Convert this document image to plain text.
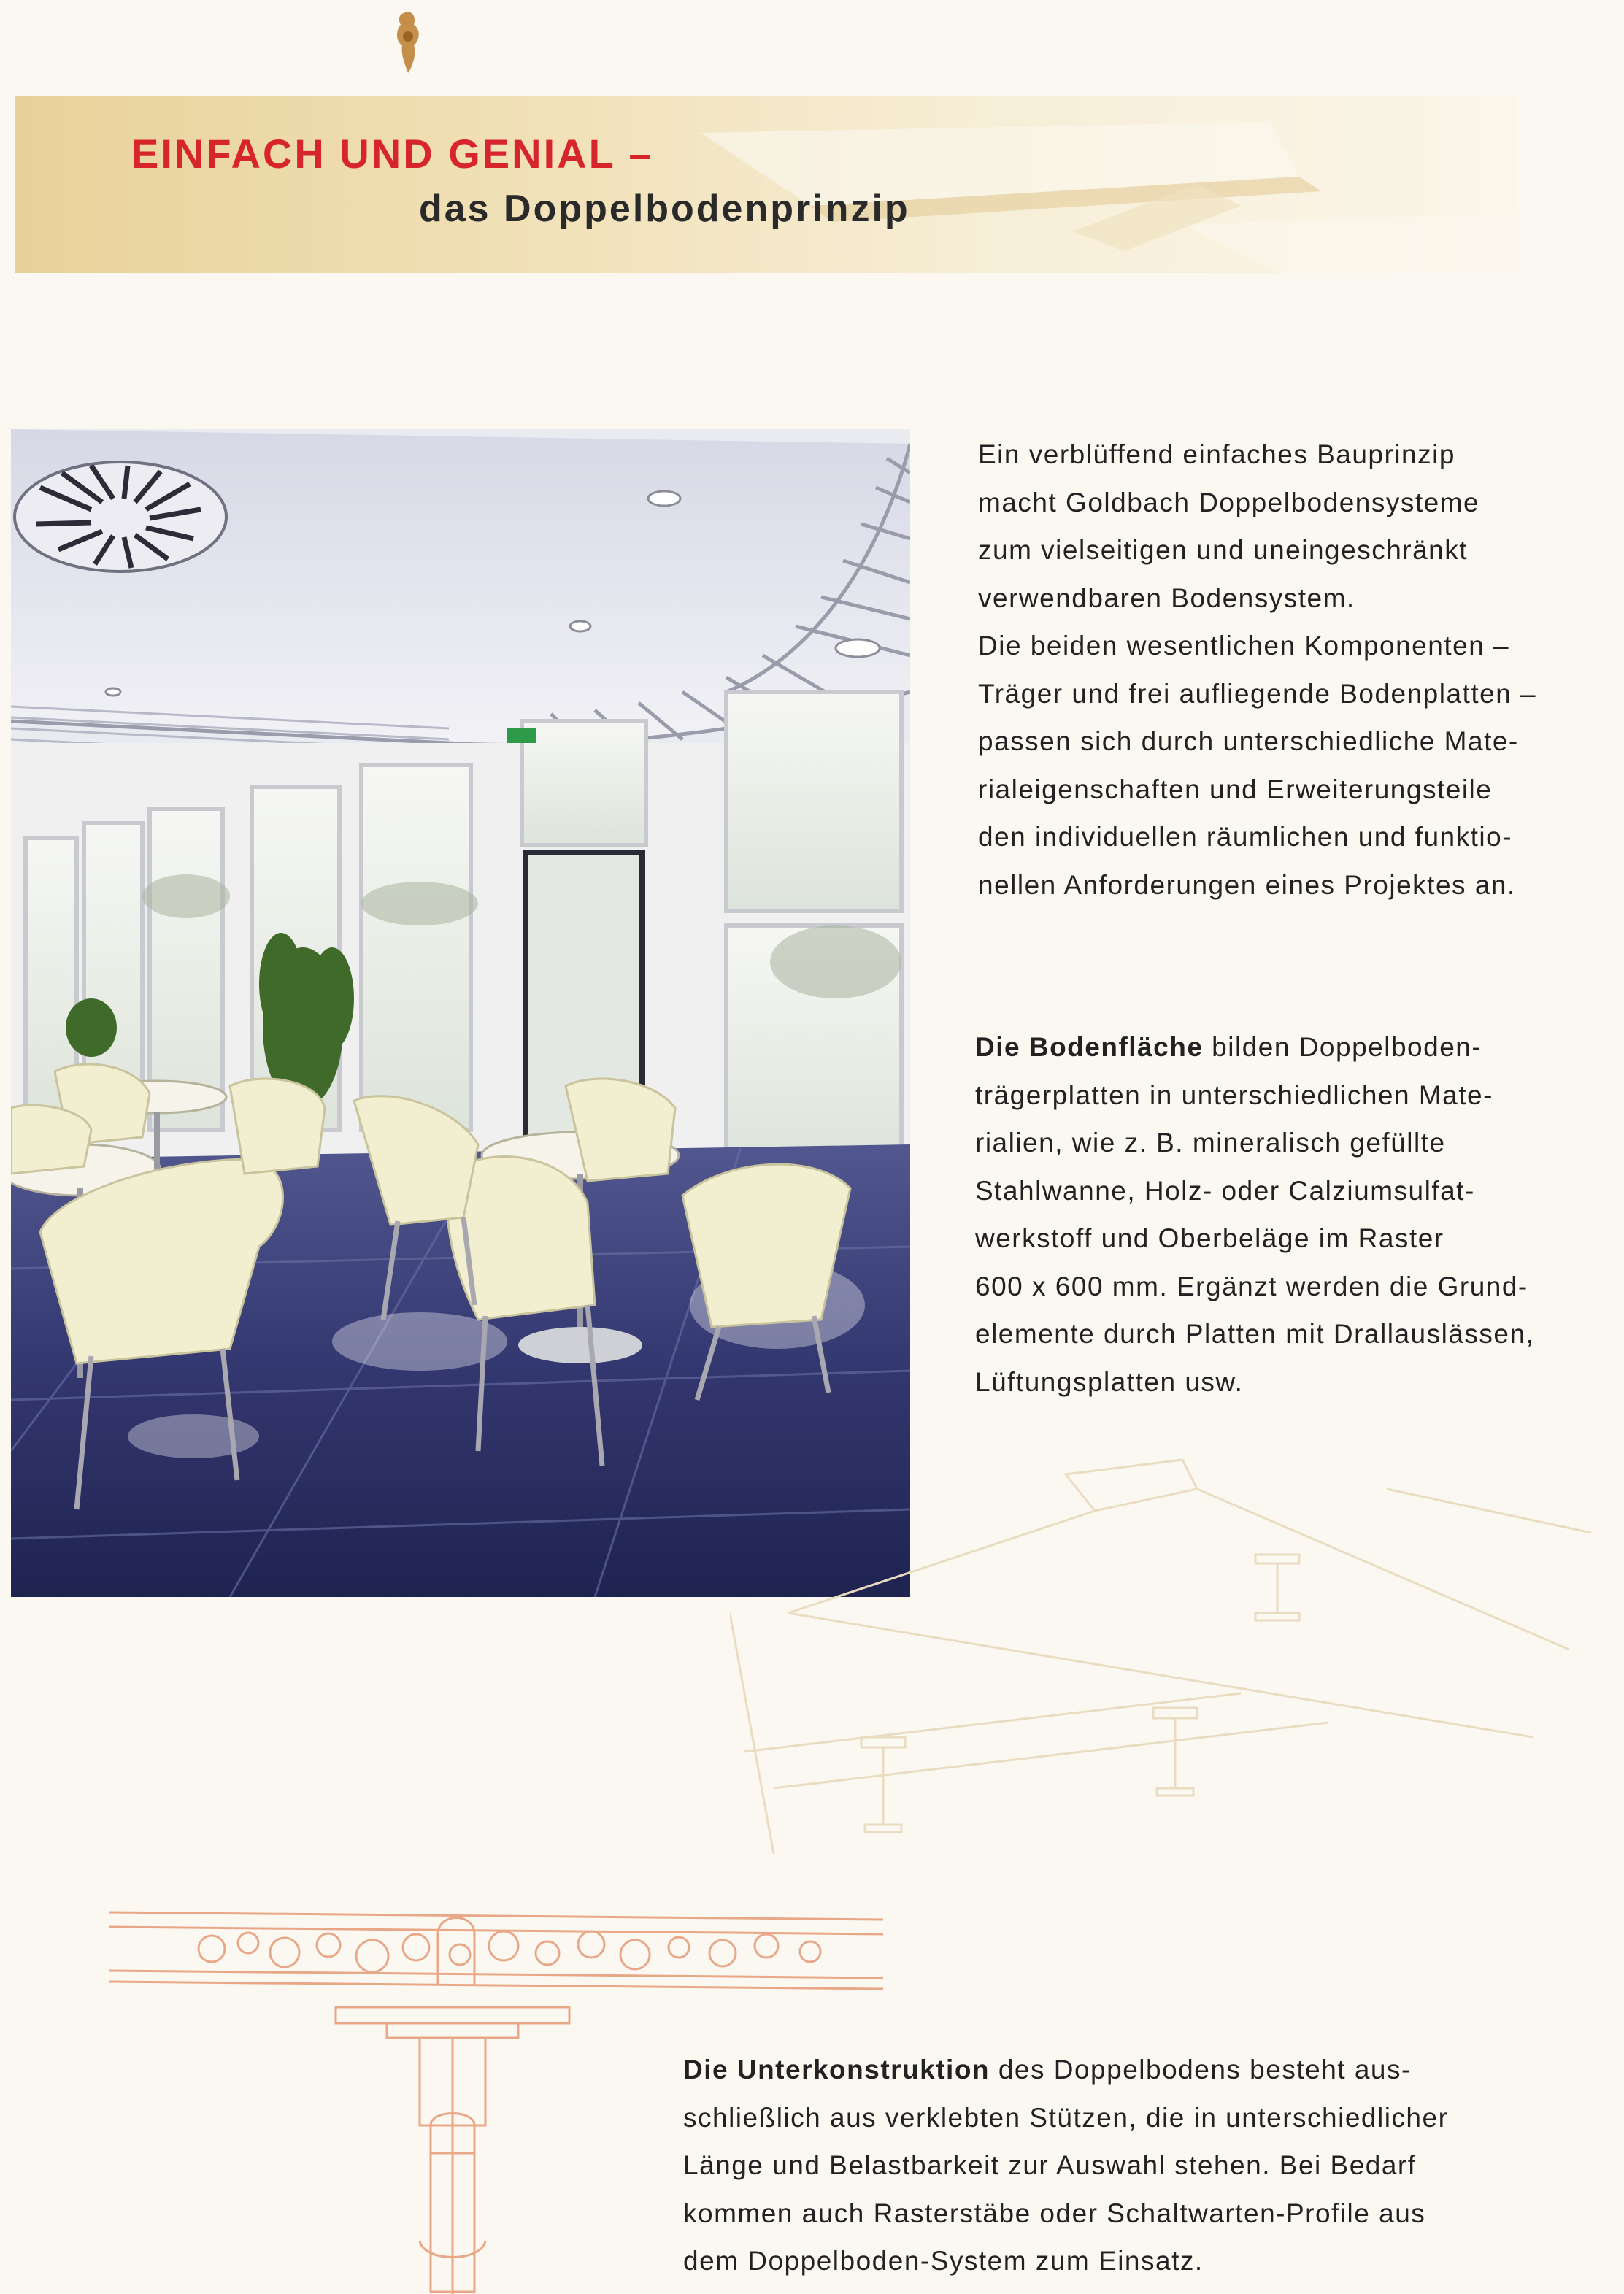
EINFACH UND GENIAL –
das Doppelbodenprinzip
Ein verblüffend einfaches Bauprinzip
macht Goldbach Doppelbodensysteme
zum vielseitigen und uneingeschränkt
verwendbaren Bodensystem.
Die beiden wesentlichen Komponenten –
Träger und frei aufliegende Bodenplatten –
passen sich durch unterschiedliche Mate-
rialeigenschaften und Erweiterungsteile
den individuellen räumlichen und funktio-
nellen Anforderungen eines Projektes an.
Die Bodenfläche bilden Doppelboden-
trägerplatten in unterschiedlichen Mate-
rialien, wie z. B. mineralisch gefüllte
Stahlwanne, Holz- oder Calziumsulfat-
werkstoff und Oberbeläge im Raster
600 x 600 mm. Ergänzt werden die Grund-
elemente durch Platten mit Drallauslässen,
Lüftungsplatten usw.
Die Unterkonstruktion des Doppelbodens besteht aus-
schließlich aus verklebten Stützen, die in unterschiedlicher
Länge und Belastbarkeit zur Auswahl stehen. Bei Bedarf
kommen auch Rasterstäbe oder Schaltwarten-Profile aus
dem Doppelboden-System zum Einsatz.
